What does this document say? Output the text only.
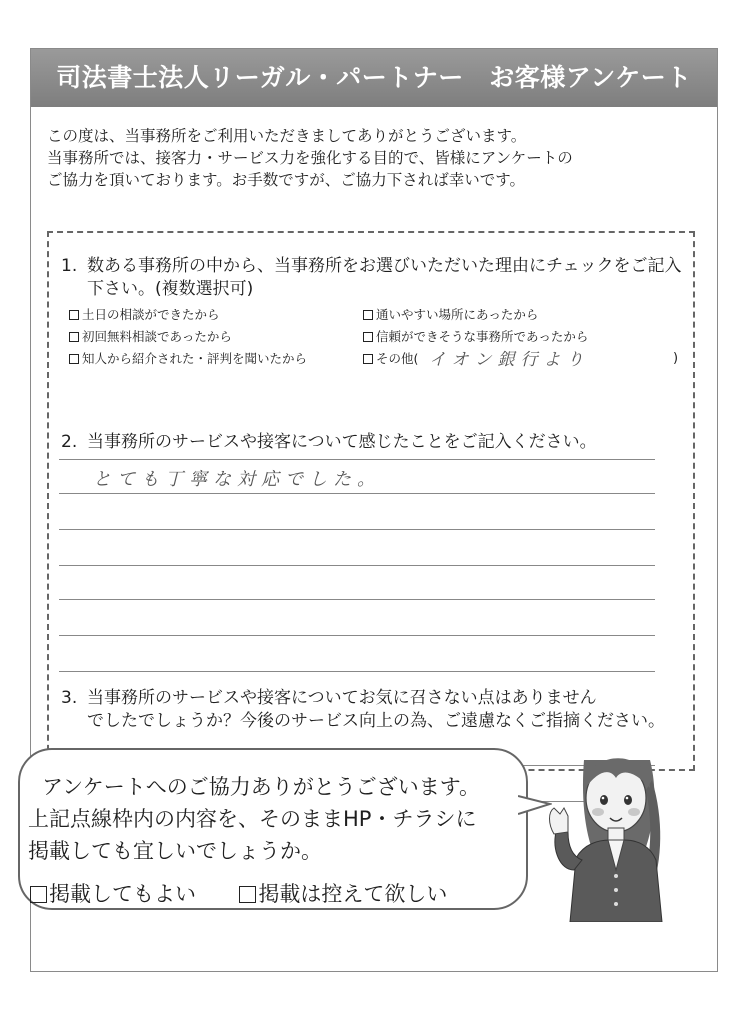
司法書士法人リーガル・パートナー　お客様アンケート

この度は、当事務所をご利用いただきましてありがとうございます。

当事務所では、接客力・サービス力を強化する目的で、皆様にアンケートの

ご協力を頂いております。お手数ですが、ご協力下されば幸いです。

1. 数ある事務所の中から、当事務所をお選びいただいた理由にチェックをご記入
下さい。(複数選択可)
土日の相談ができたから	通いやすい場所にあったから
初回無料相談であったから	信頼ができそうな事務所であったから
知人から紹介された・評判を聞いたから	その他( イオン銀行より	)
2. 当事務所のサービスや接客について感じたことをご記入ください。
とても丁寧な対応でした。
3. 当事務所のサービスや接客についてお気に召さない点はありません
でしたでしょうか？今後のサービス向上の為、ご遠慮なくご指摘ください。

アンケートへのご協力ありがとうございます。

上記点線枠内の内容を、そのままHP・チラシに

掲載しても宜しいでしょうか。

掲載してもよい	掲載は控えて欲しい
